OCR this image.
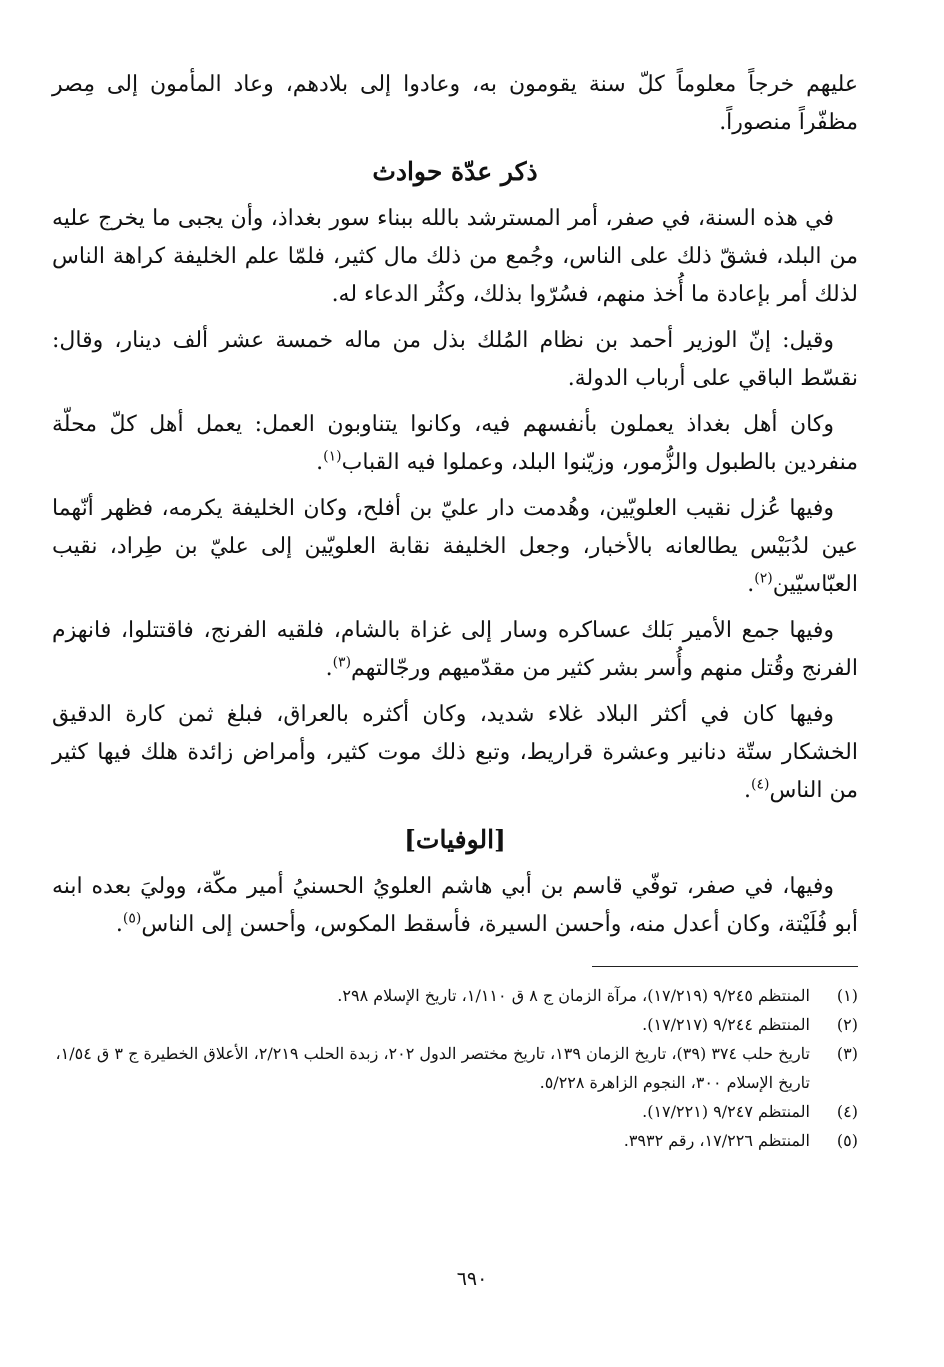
عليهم خرجاً معلوماً كلّ سنة يقومون به، وعادوا إلى بلادهم، وعاد المأمون إلى مِصر مظفّراً منصوراً.

ذكر عدّة حوادث

في هذه السنة، في صفر، أمر المسترشد بالله ببناء سور بغداذ، وأن يجبى ما يخرج عليه من البلد، فشقّ ذلك على الناس، وجُمع من ذلك مال كثير، فلمّا علم الخليفة كراهة الناس لذلك أمر بإعادة ما أُخذ منهم، فسُرّوا بذلك، وكثُر الدعاء له.

وقيل: إنّ الوزير أحمد بن نظام المُلك بذل من ماله خمسة عشر ألف دينار، وقال: نقسّط الباقي على أرباب الدولة.

وكان أهل بغداذ يعملون بأنفسهم فيه، وكانوا يتناوبون العمل: يعمل أهل كلّ محلّة منفردين بالطبول والزُّمور، وزيّنوا البلد، وعملوا فيه القباب$^{(١)}$.

وفيها عُزل نقيب العلويّين، وهُدمت دار عليّ بن أفلح، وكان الخليفة يكرمه، فظهر أنّهما عين لدُبَيْس يطالعانه بالأخبار، وجعل الخليفة نقابة العلويّين إلى عليّ بن طِراد، نقيب العبّاسيّين$^{(٢)}$.

وفيها جمع الأمير بَلك عساكره وسار إلى غزاة بالشام، فلقيه الفرنج، فاقتتلوا، فانهزم الفرنج وقُتل منهم وأُسر بشر كثير من مقدّميهم ورجّالتهم$^{(٣)}$.

وفيها كان في أكثر البلاد غلاء شديد، وكان أكثره بالعراق، فبلغ ثمن كارة الدقيق الخشكار ستّة دنانير وعشرة قراريط، وتبع ذلك موت كثير، وأمراض زائدة هلك فيها كثير من الناس$^{(٤)}$.

[الوفيات]

وفيها، في صفر، توفّي قاسم بن أبي هاشم العلويُ الحسنيُ أمير مكّة، ووليَ بعده ابنه أبو فُلَيْتة، وكان أعدل منه، وأحسن السيرة، فأسقط المكوس، وأحسن إلى الناس$^{(٥)}$.

(١)
المنتظم ٩/٢٤٥ (١٧/٢١٩)، مرآة الزمان ج ٨ ق ١/١١٠، تاريخ الإسلام ٢٩٨.
(٢)
المنتظم ٩/٢٤٤ (١٧/٢١٧).
(٣)
تاريخ حلب ٣٧٤ (٣٩)، تاريخ الزمان ١٣٩، تاريخ مختصر الدول ٢٠٢، زبدة الحلب ٢/٢١٩، الأعلاق الخطيرة ج ٣ ق ١/٥٤، تاريخ الإسلام ٣٠٠، النجوم الزاهرة ٥/٢٢٨.
(٤)
المنتظم ٩/٢٤٧ (١٧/٢٢١).
(٥)
المنتظم ١٧/٢٢٦، رقم ٣٩٣٢.
٦٩٠
